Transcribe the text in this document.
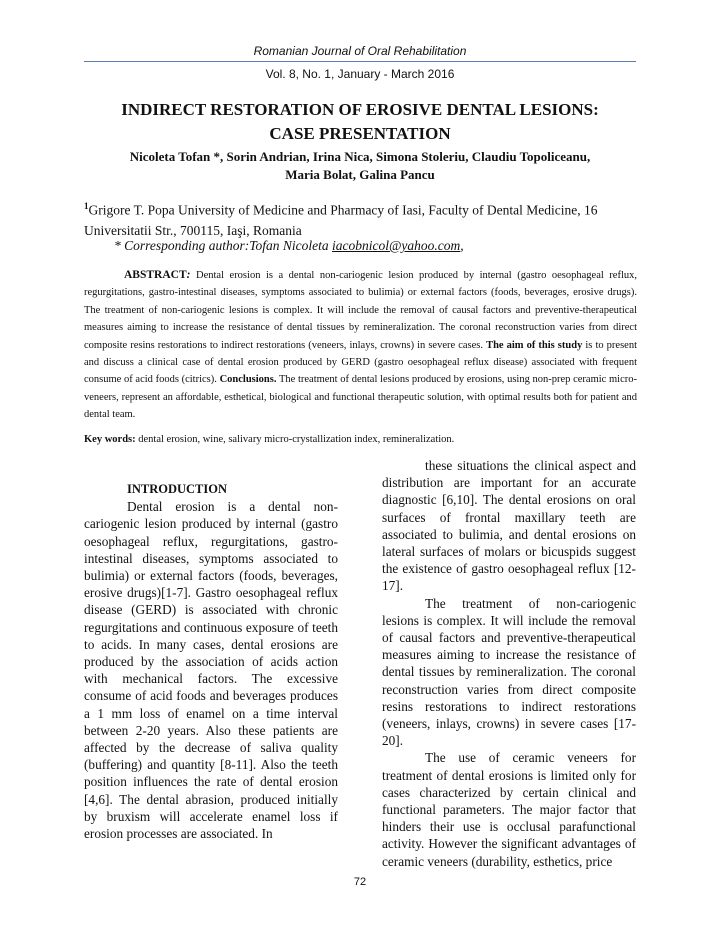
Romanian Journal of Oral Rehabilitation
Vol. 8, No. 1, January - March 2016
INDIRECT RESTORATION OF EROSIVE DENTAL LESIONS:
CASE PRESENTATION
Nicoleta Tofan *, Sorin Andrian, Irina Nica, Simona Stoleriu, Claudiu Topoliceanu,
Maria Bolat, Galina Pancu
$^1$Grigore T. Popa University of Medicine and Pharmacy of Iasi, Faculty of Dental Medicine, 16 Universitatii Str., 700115, Iaşi, Romania
* Corresponding author:Tofan Nicoleta iacobnicol@yahoo.com,
ABSTRACT: Dental erosion is a dental non-cariogenic lesion produced by internal (gastro oesophageal reflux, regurgitations, gastro-intestinal diseases, symptoms associated to bulimia) or external factors (foods, beverages, erosive drugs). The treatment of non-cariogenic lesions is complex. It will include the removal of causal factors and preventive-therapeutical measures aiming to increase the resistance of dental tissues by remineralization. The coronal reconstruction varies from direct composite resins restorations to indirect restorations (veneers, inlays, crowns) in severe cases. The aim of this study is to present and discuss a clinical case of dental erosion produced by GERD (gastro oesophageal reflux disease) associated with frequent consume of acid foods (citrics). Conclusions. The treatment of dental lesions produced by erosions, using non-prep ceramic micro-veneers, represent an affordable, esthetical, biological and functional therapeutic solution, with optimal results both for patient and dental team.
Key words: dental erosion, wine, salivary micro-crystallization index, remineralization.

INTRODUCTION

Dental erosion is a dental non-cariogenic lesion produced by internal (gastro oesophageal reflux, regurgitations, gastro-intestinal diseases, symptoms associated to bulimia) or external factors (foods, beverages, erosive drugs)[1-7]. Gastro oesophageal reflux disease (GERD) is associated with chronic regurgitations and continuous exposure of teeth to acids. In many cases, dental erosions are produced by the association of acids action with mechanical factors. The excessive consume of acid foods and beverages produces a 1 mm loss of enamel on a time interval between 2-20 years. Also these patients are affected by the decrease of saliva quality (buffering) and quantity [8-11]. Also the teeth position influences the rate of dental erosion [4,6]. The dental abrasion, produced initially by bruxism will accelerate enamel loss if erosion processes are associated. In

these situations the clinical aspect and distribution are important for an accurate diagnostic [6,10]. The dental erosions on oral surfaces of frontal maxillary teeth are associated to bulimia, and dental erosions on lateral surfaces of molars or bicuspids suggest the existence of gastro oesophageal reflux [12-17].

The treatment of non-cariogenic lesions is complex. It will include the removal of causal factors and preventive-therapeutical measures aiming to increase the resistance of dental tissues by remineralization. The coronal reconstruction varies from direct composite resins restorations to indirect restorations (veneers, inlays, crowns) in severe cases [17-20].

The use of ceramic veneers for treatment of dental erosions is limited only for cases characterized by certain clinical and functional parameters. The major factor that hinders their use is occlusal parafunctional activity. However the significant advantages of ceramic veneers (durability, esthetics, price

72
